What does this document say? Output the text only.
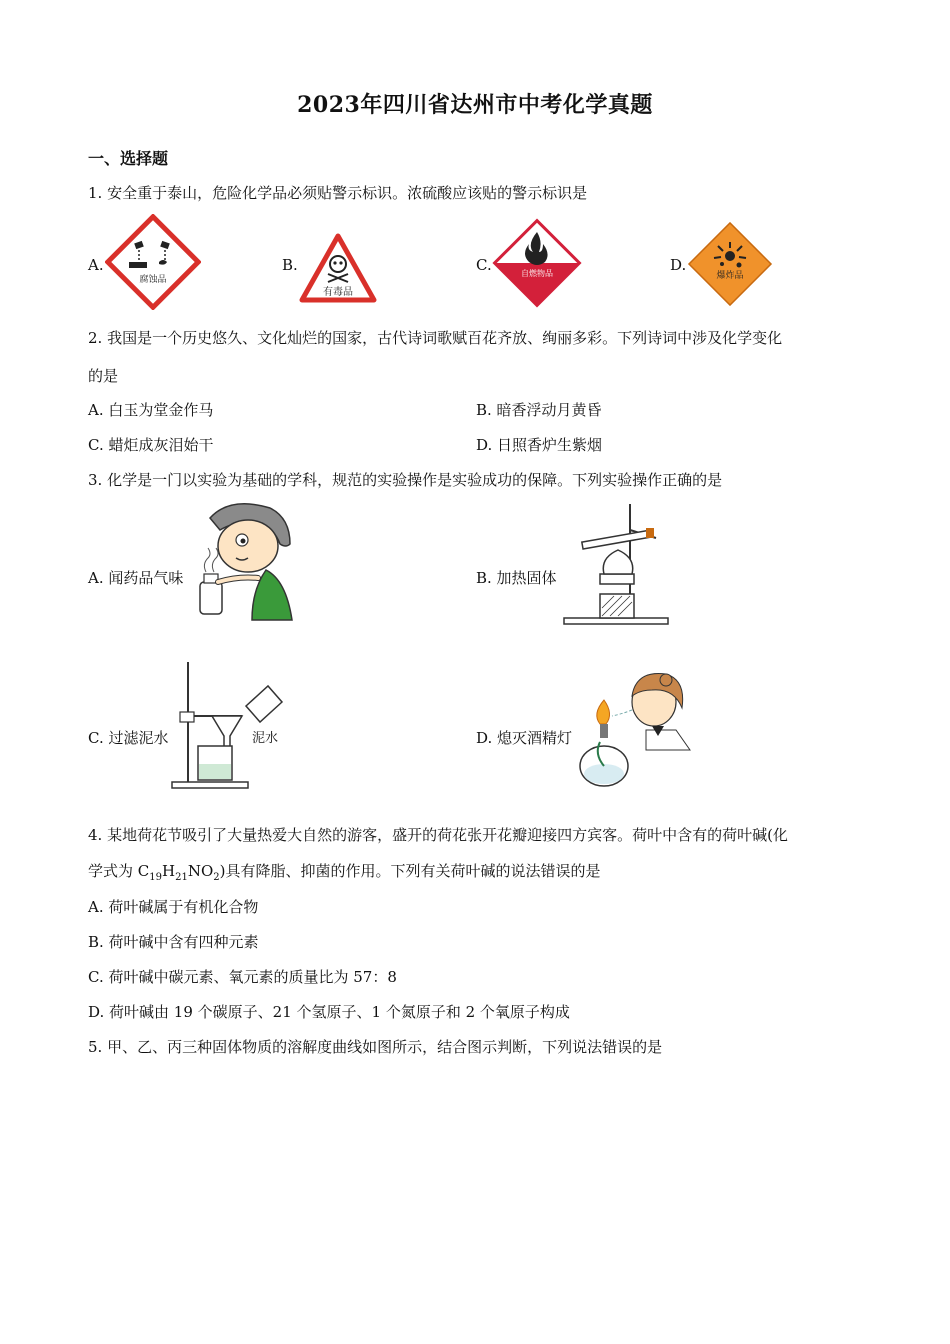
2023年四川省达州市中考化学真题
一、选择题
1. 安全重于泰山，危险化学品必须贴警示标识。浓硫酸应该贴的警示标识是
A.
腐蚀品
B.
有毒品
C.	自燃物品	D.
爆炸品
2. 我国是一个历史悠久、文化灿烂的国家，古代诗词歌赋百花齐放、绚丽多彩。下列诗词中涉及化学变化
的是
A. 白玉为堂金作马	B. 暗香浮动月黄昏
C. 蜡炬成灰泪始干	D. 日照香炉生紫烟
3. 化学是一门以实验为基础的学科，规范的实验操作是实验成功的保障。下列实验操作正确的是
A. 闻药品气味	B. 加热固体
C. 过滤泥水	泥水	D. 熄灭酒精灯
4. 某地荷花节吸引了大量热爱大自然的游客，盛开的荷花张开花瓣迎接四方宾客。荷叶中含有的荷叶碱(化
学式为 $C_{19}H_{21}NO_2$)具有降脂、抑菌的作用。下列有关荷叶碱的说法错误的是
A. 荷叶碱属于有机化合物
B. 荷叶碱中含有四种元素
C. 荷叶碱中碳元素、氧元素的质量比为 57：8
D. 荷叶碱由 19 个碳原子、21 个氢原子、1 个氮原子和 2 个氧原子构成
5. 甲、乙、丙三种固体物质的溶解度曲线如图所示，结合图示判断，下列说法错误的是
